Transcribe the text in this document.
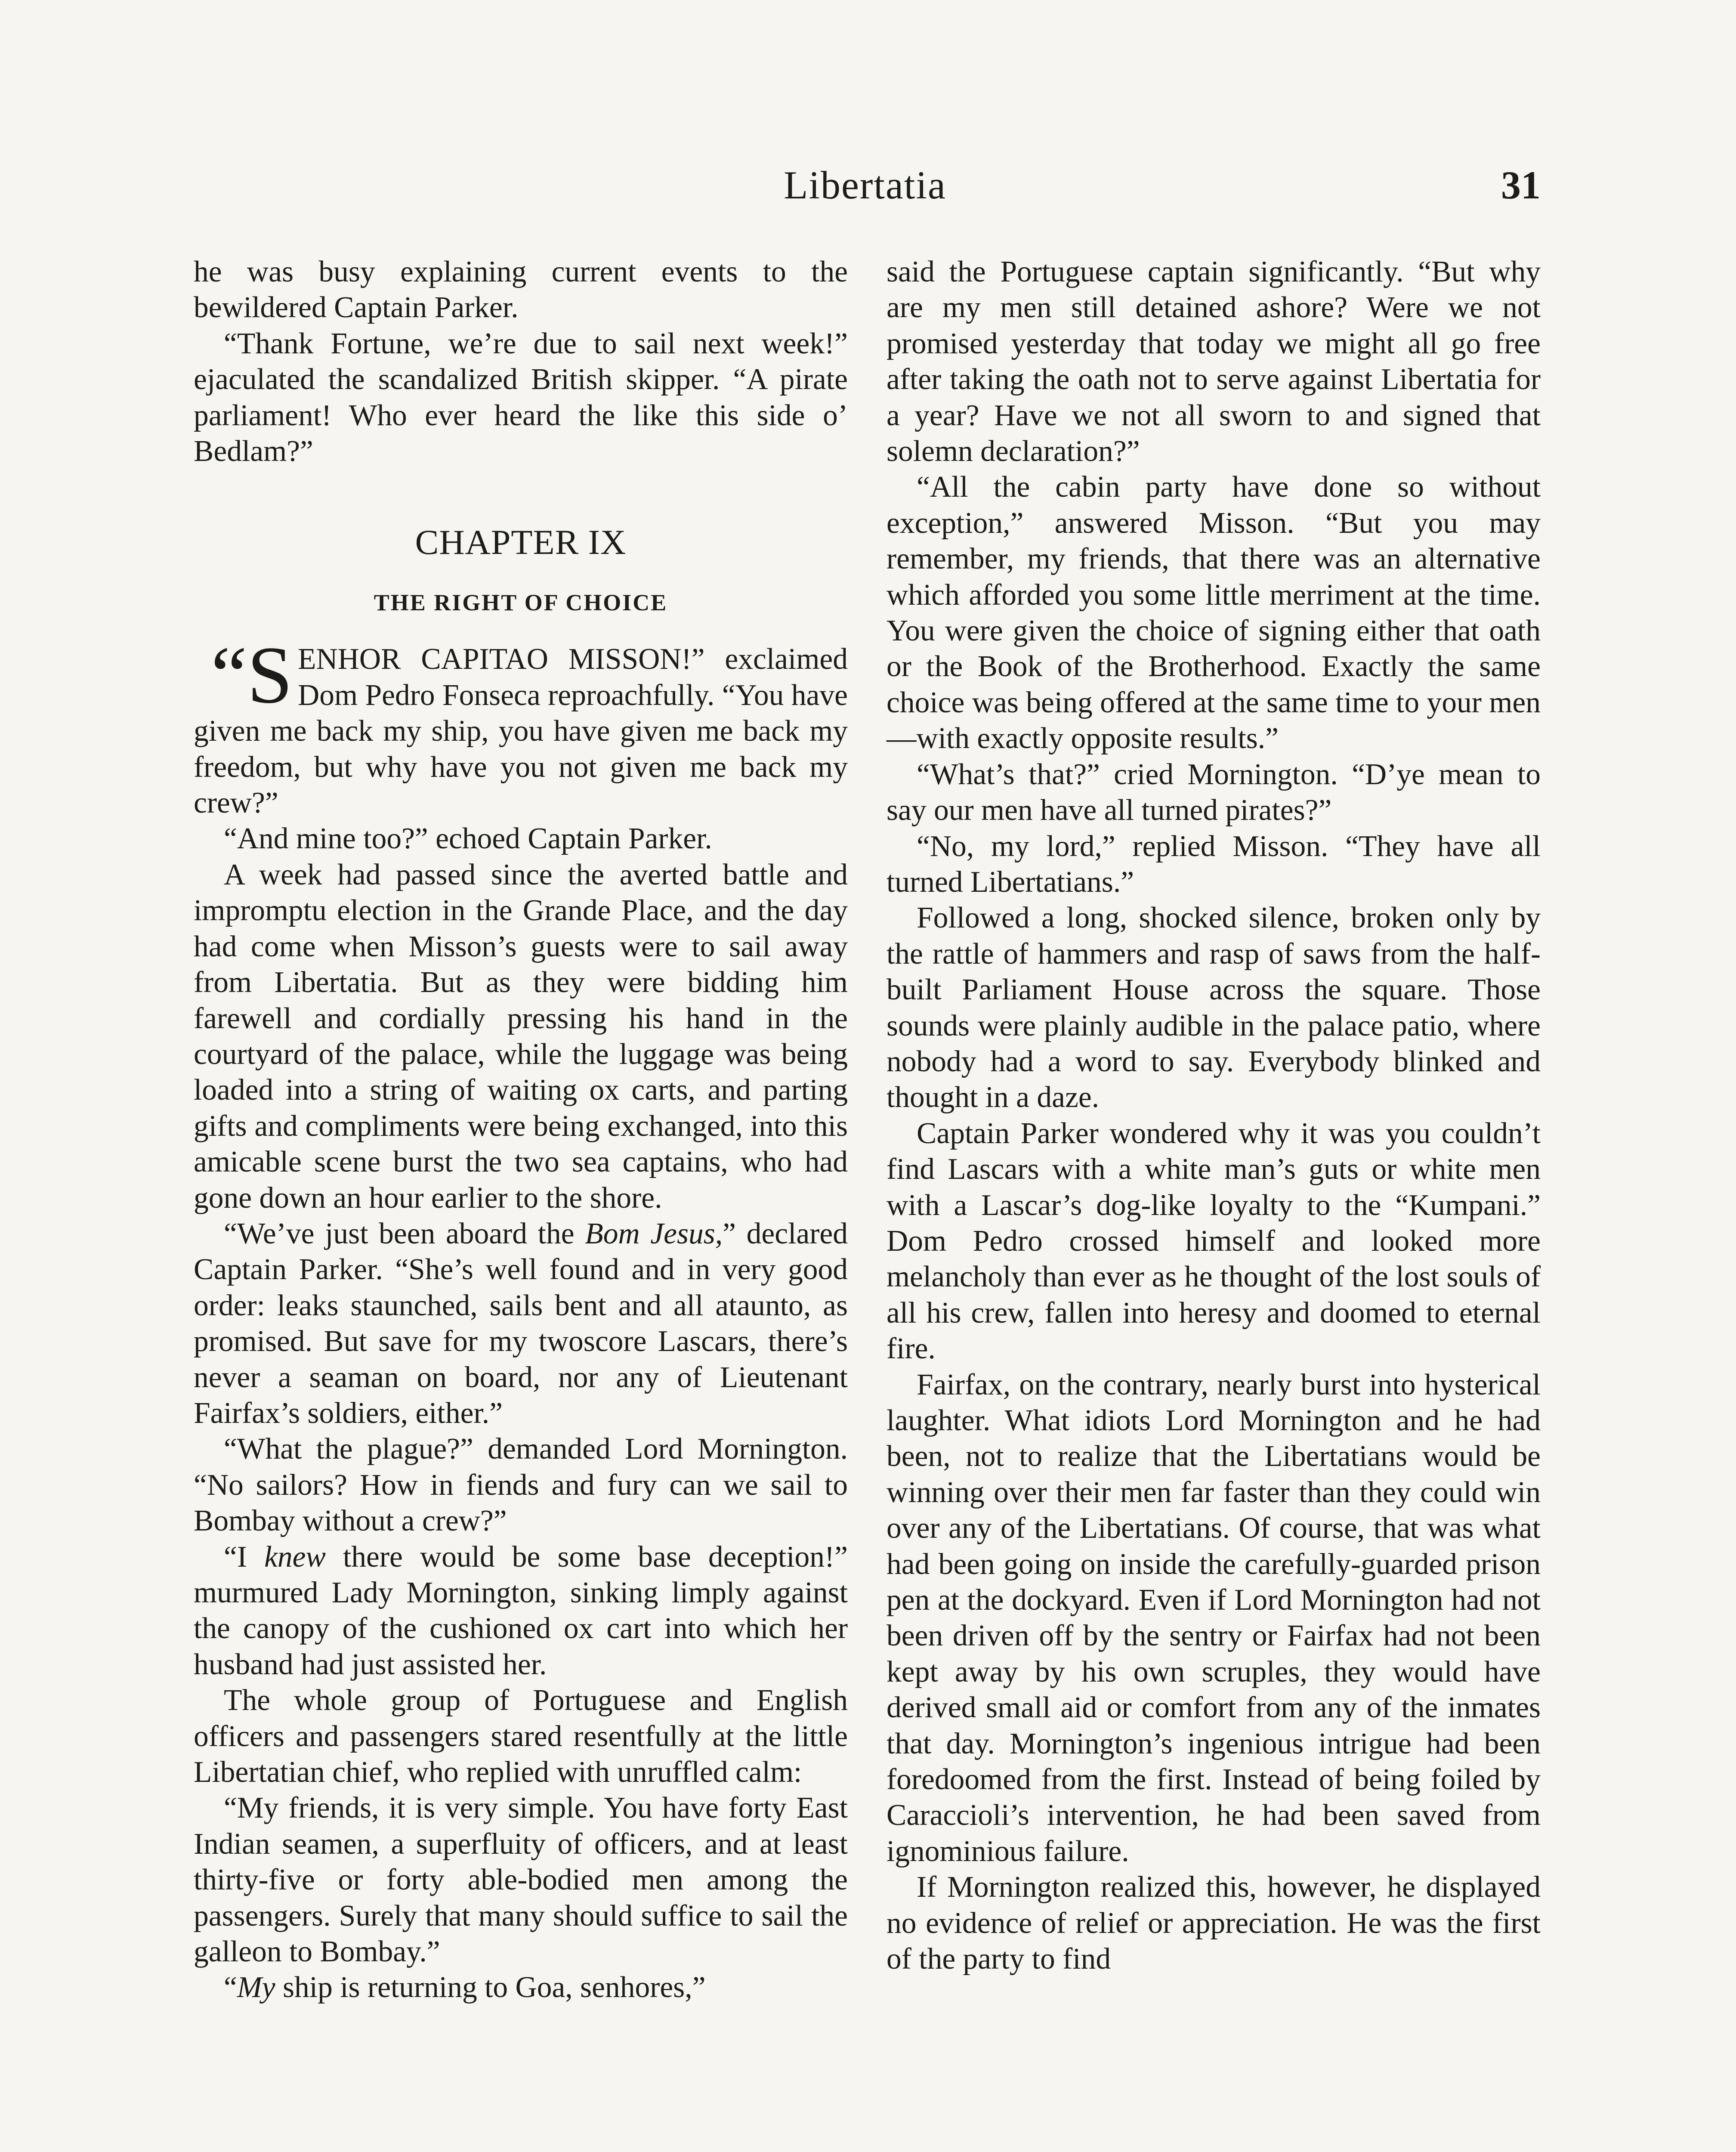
Libertatia	31

he was busy explaining current events to the bewildered Captain Parker.

“Thank Fortune, we’re due to sail next week!” ejaculated the scandalized British skipper. “A pirate parliament! Who ever heard the like this side o’ Bedlam?”

CHAPTER IX
THE RIGHT OF CHOICE

“S ENHOR CAPITAO MISSON!” exclaimed Dom Pedro Fonseca reproachfully. “You have given me back my ship, you have given me back my freedom, but why have you not given me back my crew?”

“And mine too?” echoed Captain Parker.

A week had passed since the averted battle and impromptu election in the Grande Place, and the day had come when Misson’s guests were to sail away from Libertatia. But as they were bidding him farewell and cordially pressing his hand in the courtyard of the palace, while the luggage was being loaded into a string of waiting ox carts, and parting gifts and compliments were being exchanged, into this amicable scene burst the two sea captains, who had gone down an hour earlier to the shore.

“We’ve just been aboard the Bom Jesus,” declared Captain Parker. “She’s well found and in very good order: leaks staunched, sails bent and all ataunto, as promised. But save for my twoscore Lascars, there’s never a seaman on board, nor any of Lieutenant Fairfax’s soldiers, either.”

“What the plague?” demanded Lord Mornington. “No sailors? How in fiends and fury can we sail to Bombay without a crew?”

“I knew there would be some base deception!” murmured Lady Mornington, sinking limply against the canopy of the cushioned ox cart into which her husband had just assisted her.

The whole group of Portuguese and English officers and passengers stared resentfully at the little Libertatian chief, who replied with unruffled calm:

“My friends, it is very simple. You have forty East Indian seamen, a superfluity of officers, and at least thirty-five or forty able-bodied men among the passengers. Surely that many should suffice to sail the galleon to Bombay.”

“My ship is returning to Goa, senhores,”

said the Portuguese captain significantly. “But why are my men still detained ashore? Were we not promised yesterday that today we might all go free after taking the oath not to serve against Libertatia for a year? Have we not all sworn to and signed that solemn declaration?”

“All the cabin party have done so without exception,” answered Misson. “But you may remember, my friends, that there was an alternative which afforded you some little merriment at the time. You were given the choice of signing either that oath or the Book of the Brotherhood. Exactly the same choice was being offered at the same time to your men—with exactly opposite results.”

“What’s that?” cried Mornington. “D’ye mean to say our men have all turned pirates?”

“No, my lord,” replied Misson. “They have all turned Libertatians.”

Followed a long, shocked silence, broken only by the rattle of hammers and rasp of saws from the half-built Parliament House across the square. Those sounds were plainly audible in the palace patio, where nobody had a word to say. Everybody blinked and thought in a daze.

Captain Parker wondered why it was you couldn’t find Lascars with a white man’s guts or white men with a Lascar’s dog-like loyalty to the “Kumpani.” Dom Pedro crossed himself and looked more melancholy than ever as he thought of the lost souls of all his crew, fallen into heresy and doomed to eternal fire.

Fairfax, on the contrary, nearly burst into hysterical laughter. What idiots Lord Mornington and he had been, not to realize that the Libertatians would be winning over their men far faster than they could win over any of the Libertatians. Of course, that was what had been going on inside the carefully-guarded prison pen at the dockyard. Even if Lord Mornington had not been driven off by the sentry or Fairfax had not been kept away by his own scruples, they would have derived small aid or comfort from any of the inmates that day. Mornington’s ingenious intrigue had been foredoomed from the first. Instead of being foiled by Caraccioli’s intervention, he had been saved from ignominious failure.

If Mornington realized this, however, he displayed no evidence of relief or appreciation. He was the first of the party to find
